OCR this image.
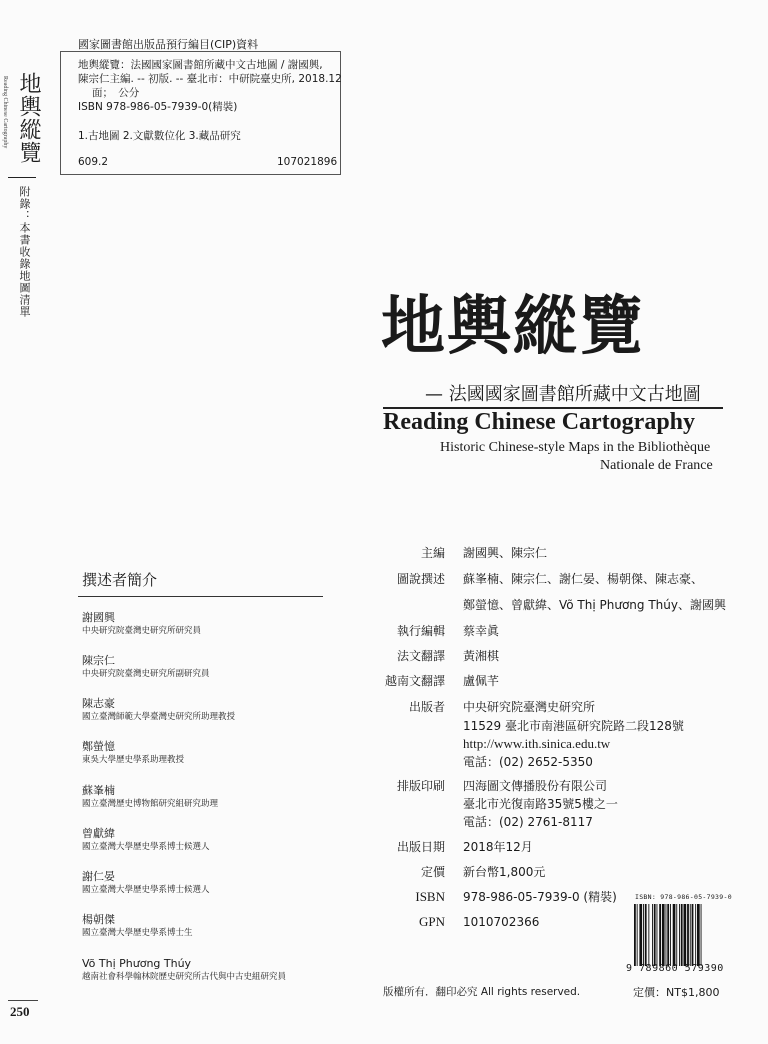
地輿縱覽
Reading Chinese Cartography
附錄：本書收錄地圖清單
250
國家圖書館出版品預行編目(CIP)資料
地輿縱覽：法國國家圖書館所藏中文古地圖 / 謝國興,
陳宗仁主編. -- 初版. -- 臺北市：中研院臺史所, 2018.12
面；　公分
ISBN 978-986-05-7939-0(精裝)
1.古地圖 2.文獻數位化 3.藏品研究
609.2	107021896
地輿縱覽
— 法國國家圖書館所藏中文古地圖
Reading Chinese Cartography
Historic Chinese-style Maps in the Bibliothèque
Nationale de France
撰述者簡介
謝國興
中央研究院臺灣史研究所研究員
陳宗仁
中央研究院臺灣史研究所副研究員
陳志豪
國立臺灣師範大學臺灣史研究所助理教授
鄭螢憶
東吳大學歷史學系助理教授
蘇峯楠
國立臺灣歷史博物館研究組研究助理
曾獻緯
國立臺灣大學歷史學系博士候選人
謝仁晏
國立臺灣大學歷史學系博士候選人
楊朝傑
國立臺灣大學歷史學系博士生
Võ Thị Phương Thúy
越南社會科學翰林院歷史研究所古代與中古史組研究員
主編 謝國興、陳宗仁
圖說撰述 蘇峯楠、陳宗仁、謝仁晏、楊朝傑、陳志豪、
鄭螢憶、曾獻緯、Võ Thị Phương Thúy、謝國興
執行編輯 蔡幸眞
法文翻譯 黃湘棋
越南文翻譯 盧佩芊
出版者 中央研究院臺灣史研究所
11529 臺北市南港區研究院路二段128號
http://www.ith.sinica.edu.tw
電話：(02) 2652-5350
排版印刷 四海圖文傳播股份有限公司
臺北市光復南路35號5樓之一
電話：(02) 2761-8117
出版日期 2018年12月
定價 新台幣1,800元
ISBN 978-986-05-7939-0 (精裝)
GPN 1010702366
版權所有．翻印必究 All rights reserved.
ISBN: 978-986-05-7939-0
9 789860 579390
定價：NT$1,800
